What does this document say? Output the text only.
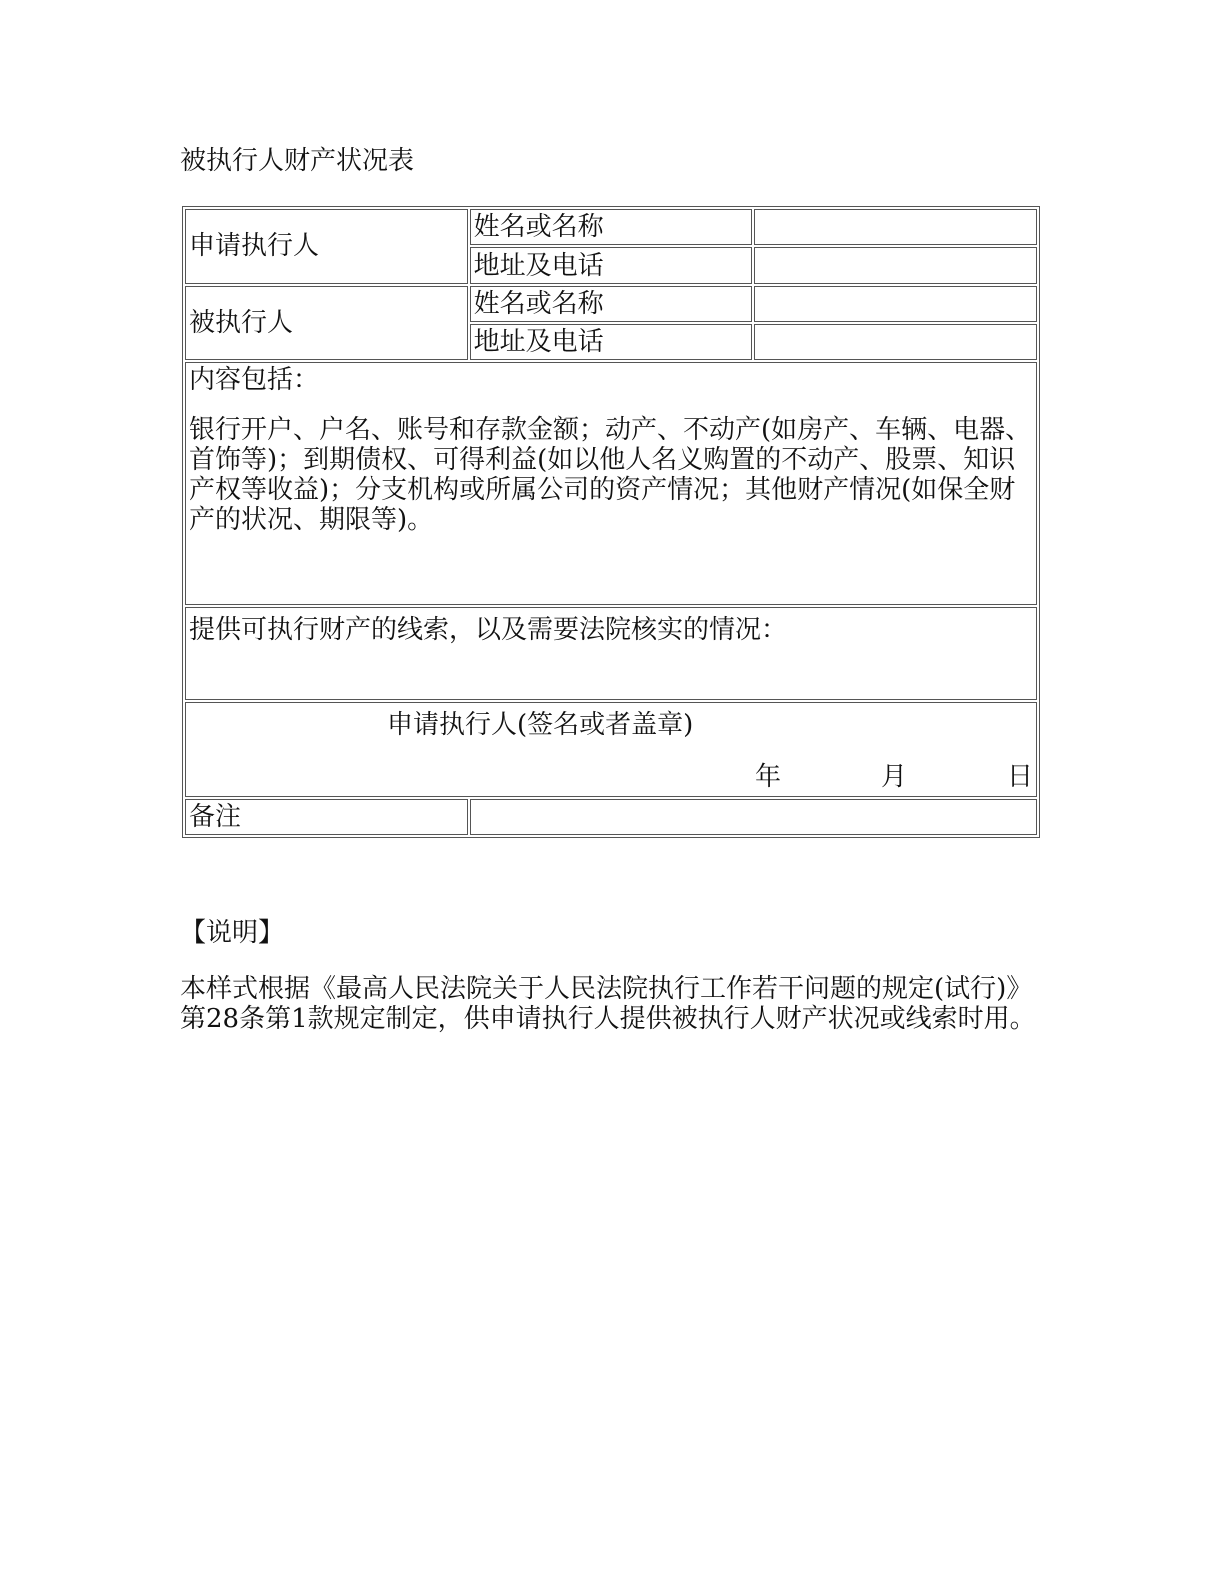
被执行人财产状况表
申请执行人	姓名或名称	
	地址及电话	
被执行人	姓名或名称	
	地址及电话	

内容包括：

银行开户、户名、账号和存款金额；动产、不动产(如房产、车辆、电器、首饰等)；到期债权、可得利益(如以他人名义购置的不动产、股票、知识产权等收益)；分支机构或所属公司的资产情况；其他财产情况(如保全财产的状况、期限等)。		

提供可执行财产的线索，以及需要法院核实的情况：		

申请执行人(签名或者盖章)
年 月 日		

备注		
【说明】
本样式根据《最高人民法院关于人民法院执行工作若干问题的规定(试行)》第28条第1款规定制定，供申请执行人提供被执行人财产状况或线索时用。
